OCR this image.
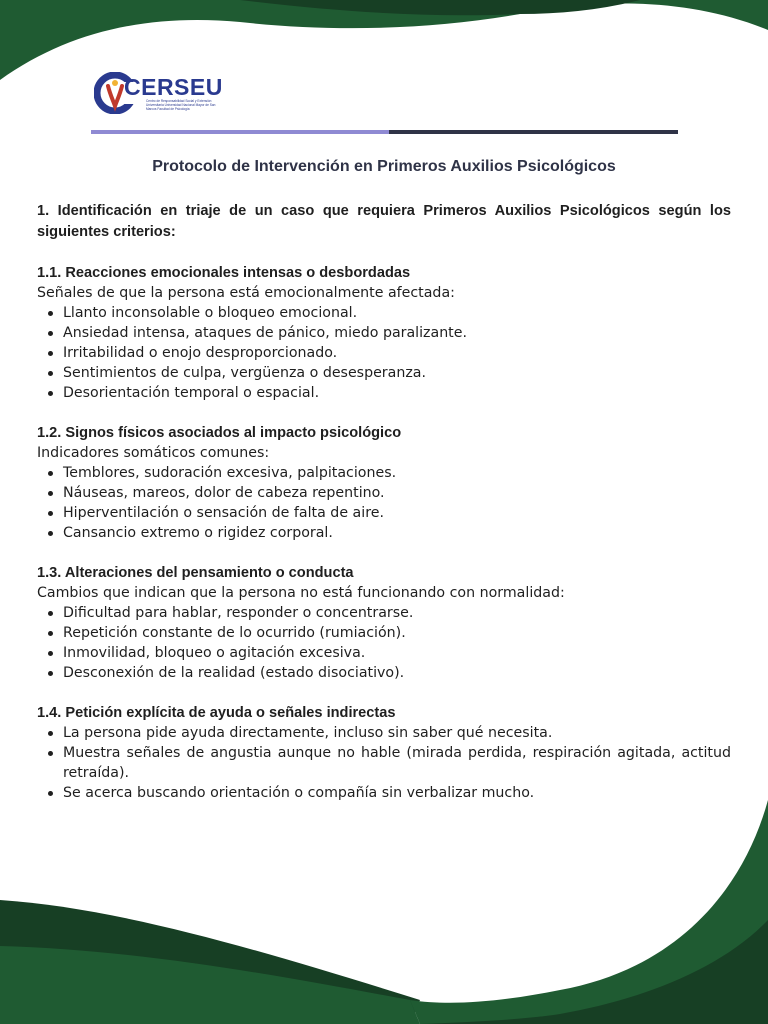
CERSEU
Centro de Responsabilidad Social y Extensión Universitaria Universidad Nacional Mayor de San Marcos Facultad de Psicología
Protocolo de Intervención en Primeros Auxilios Psicológicos

1. Identificación en triaje de un caso que requiera Primeros Auxilios Psicológicos según los siguientes criterios:

1.1. Reacciones emocionales intensas o desbordadas

Señales de que la persona está emocionalmente afectada:

Llanto inconsolable o bloqueo emocional.
Ansiedad intensa, ataques de pánico, miedo paralizante.
Irritabilidad o enojo desproporcionado.
Sentimientos de culpa, vergüenza o desesperanza.
Desorientación temporal o espacial.

1.2. Signos físicos asociados al impacto psicológico

Indicadores somáticos comunes:

Temblores, sudoración excesiva, palpitaciones.
Náuseas, mareos, dolor de cabeza repentino.
Hiperventilación o sensación de falta de aire.
Cansancio extremo o rigidez corporal.

1.3. Alteraciones del pensamiento o conducta

Cambios que indican que la persona no está funcionando con normalidad:

Dificultad para hablar, responder o concentrarse.
Repetición constante de lo ocurrido (rumiación).
Inmovilidad, bloqueo o agitación excesiva.
Desconexión de la realidad (estado disociativo).

1.4. Petición explícita de ayuda o señales indirectas

La persona pide ayuda directamente, incluso sin saber qué necesita.
Muestra señales de angustia aunque no hable (mirada perdida, respiración agitada, actitud retraída).
Se acerca buscando orientación o compañía sin verbalizar mucho.
